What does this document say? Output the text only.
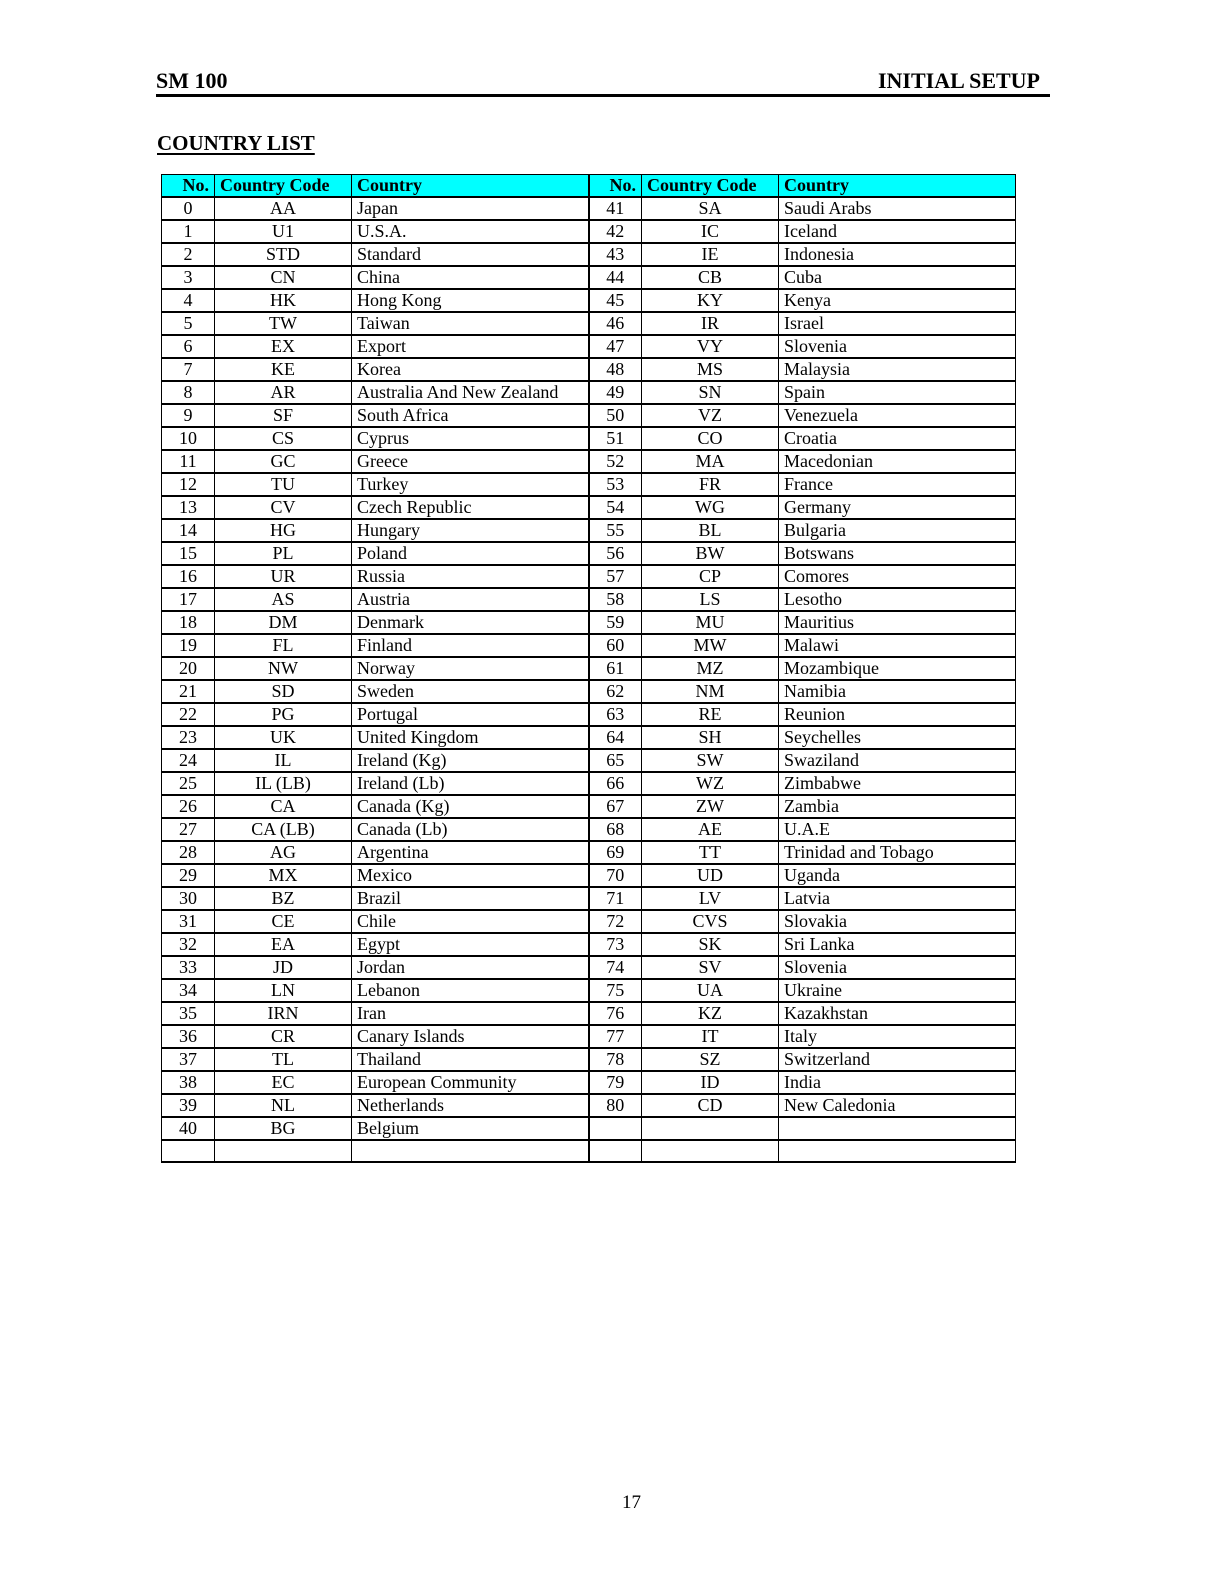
SM 100	INITIAL SETUP
COUNTRY LIST
No.	Country Code	Country	No.	Country Code	Country
0	AA	Japan	41	SA	Saudi Arabs
1	U1	U.S.A.	42	IC	Iceland
2	STD	Standard	43	IE	Indonesia
3	CN	China	44	CB	Cuba
4	HK	Hong Kong	45	KY	Kenya
5	TW	Taiwan	46	IR	Israel
6	EX	Export	47	VY	Slovenia
7	KE	Korea	48	MS	Malaysia
8	AR	Australia And New Zealand	49	SN	Spain
9	SF	South Africa	50	VZ	Venezuela
10	CS	Cyprus	51	CO	Croatia
11	GC	Greece	52	MA	Macedonian
12	TU	Turkey	53	FR	France
13	CV	Czech Republic	54	WG	Germany
14	HG	Hungary	55	BL	Bulgaria
15	PL	Poland	56	BW	Botswans
16	UR	Russia	57	CP	Comores
17	AS	Austria	58	LS	Lesotho
18	DM	Denmark	59	MU	Mauritius
19	FL	Finland	60	MW	Malawi
20	NW	Norway	61	MZ	Mozambique
21	SD	Sweden	62	NM	Namibia
22	PG	Portugal	63	RE	Reunion
23	UK	United Kingdom	64	SH	Seychelles
24	IL	Ireland (Kg)	65	SW	Swaziland
25	IL (LB)	Ireland (Lb)	66	WZ	Zimbabwe
26	CA	Canada (Kg)	67	ZW	Zambia
27	CA (LB)	Canada (Lb)	68	AE	U.A.E
28	AG	Argentina	69	TT	Trinidad and Tobago
29	MX	Mexico	70	UD	Uganda
30	BZ	Brazil	71	LV	Latvia
31	CE	Chile	72	CVS	Slovakia
32	EA	Egypt	73	SK	Sri Lanka
33	JD	Jordan	74	SV	Slovenia
34	LN	Lebanon	75	UA	Ukraine
35	IRN	Iran	76	KZ	Kazakhstan
36	CR	Canary Islands	77	IT	Italy
37	TL	Thailand	78	SZ	Switzerland
38	EC	European Community	79	ID	India
39	NL	Netherlands	80	CD	New Caledonia
40	BG	Belgium			

17
